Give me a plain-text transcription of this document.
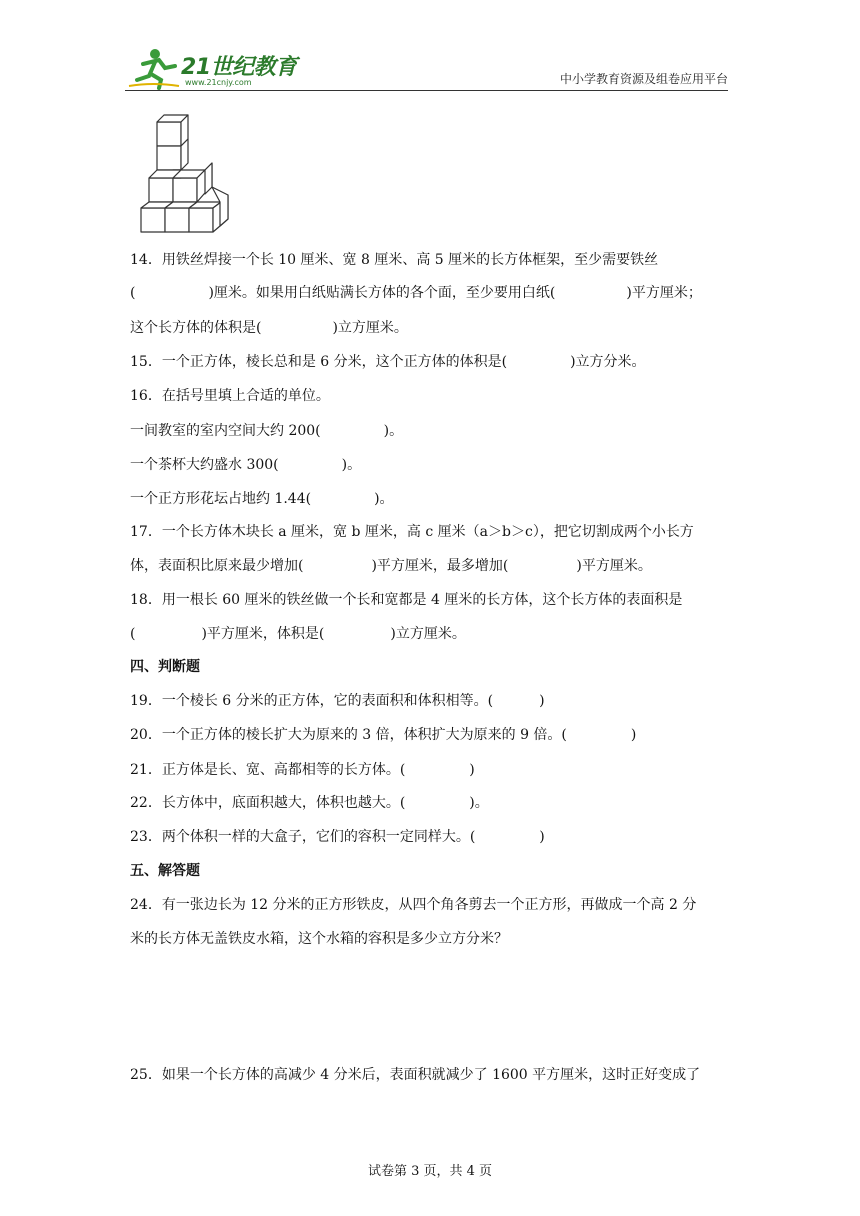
21世纪教育
www.21cnjy.com	中小学教育资源及组卷应用平台
14．用铁丝焊接一个长 10 厘米、宽 8 厘米、高 5 厘米的长方体框架，至少需要铁丝
(	)厘米。如果用白纸贴满长方体的各个面，至少要用白纸(	)平方厘米；
这个长方体的体积是(	)立方厘米。
15．一个正方体，棱长总和是 6 分米，这个正方体的体积是(	)立方分米。
16．在括号里填上合适的单位。
一间教室的室内空间大约 200(	)。
一个茶杯大约盛水 300(	)。
一个正方形花坛占地约 1.44(	)。
17．一个长方体木块长 a 厘米，宽 b 厘米，高 c 厘米（a＞b＞c），把它切割成两个小长方
体，表面积比原来最少增加(	)平方厘米，最多增加(	)平方厘米。
18．用一根长 60 厘米的铁丝做一个长和宽都是 4 厘米的长方体，这个长方体的表面积是
(	)平方厘米，体积是(	)立方厘米。
四、判断题
19．一个棱长 6 分米的正方体，它的表面积和体积相等。(	)
20．一个正方体的棱长扩大为原来的 3 倍，体积扩大为原来的 9 倍。(	)
21．正方体是长、宽、高都相等的长方体。(	)
22．长方体中，底面积越大，体积也越大。(	)。
23．两个体积一样的大盒子，它们的容积一定同样大。(	)
五、解答题
24．有一张边长为 12 分米的正方形铁皮，从四个角各剪去一个正方形，再做成一个高 2 分
米的长方体无盖铁皮水箱，这个水箱的容积是多少立方分米？
25．如果一个长方体的高减少 4 分米后，表面积就减少了 1600 平方厘米，这时正好变成了
试卷第 3 页，共 4 页
